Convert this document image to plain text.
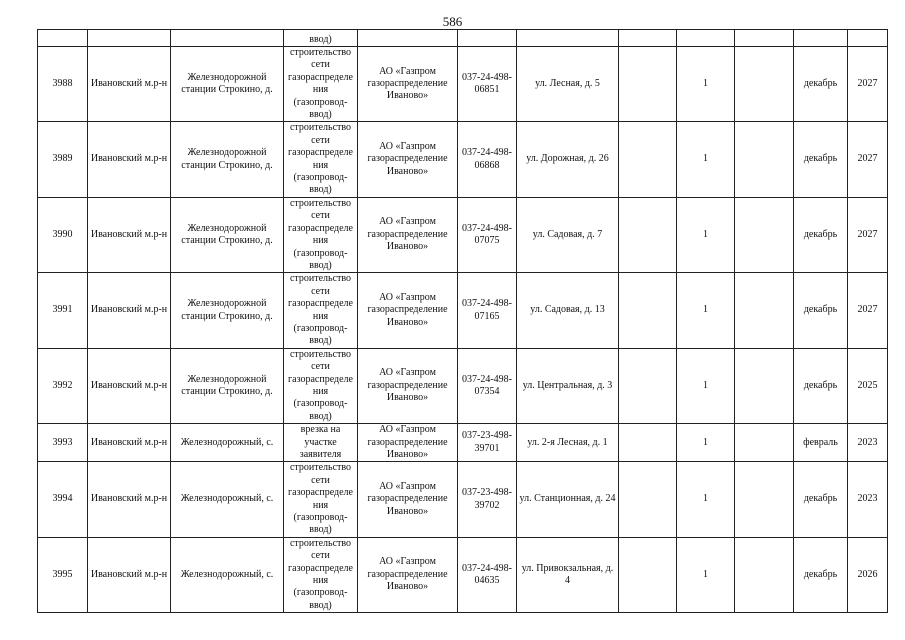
586
			ввод)								
3988	Ивановский м.р-н	Железнодорожной станции Строкино, д.	строительство сети газораспределения (газопровод-ввод)	АО «Газпром газораспределение Иваново»	037-24-498-06851	ул. Лесная, д. 5		1		декабрь	2027
3989	Ивановский м.р-н	Железнодорожной станции Строкино, д.	строительство сети газораспределения (газопровод-ввод)	АО «Газпром газораспределение Иваново»	037-24-498-06868	ул. Дорожная, д. 26		1		декабрь	2027
3990	Ивановский м.р-н	Железнодорожной станции Строкино, д.	строительство сети газораспределения (газопровод-ввод)	АО «Газпром газораспределение Иваново»	037-24-498-07075	ул. Садовая, д. 7		1		декабрь	2027
3991	Ивановский м.р-н	Железнодорожной станции Строкино, д.	строительство сети газораспределения (газопровод-ввод)	АО «Газпром газораспределение Иваново»	037-24-498-07165	ул. Садовая, д. 13		1		декабрь	2027
3992	Ивановский м.р-н	Железнодорожной станции Строкино, д.	строительство сети газораспределения (газопровод-ввод)	АО «Газпром газораспределение Иваново»	037-24-498-07354	ул. Центральная, д. 3		1		декабрь	2025
3993	Ивановский м.р-н	Железнодорожный, с.	врезка на участке заявителя	АО «Газпром газораспределение Иваново»	037-23-498-39701	ул. 2-я Лесная, д. 1		1		февраль	2023
3994	Ивановский м.р-н	Железнодорожный, с.	строительство сети газораспределения (газопровод-ввод)	АО «Газпром газораспределение Иваново»	037-23-498-39702	ул. Станционная, д. 24		1		декабрь	2023
3995	Ивановский м.р-н	Железнодорожный, с.	строительство сети газораспределения (газопровод-ввод)	АО «Газпром газораспределение Иваново»	037-24-498-04635	ул. Привокзальная, д. 4		1		декабрь	2026
